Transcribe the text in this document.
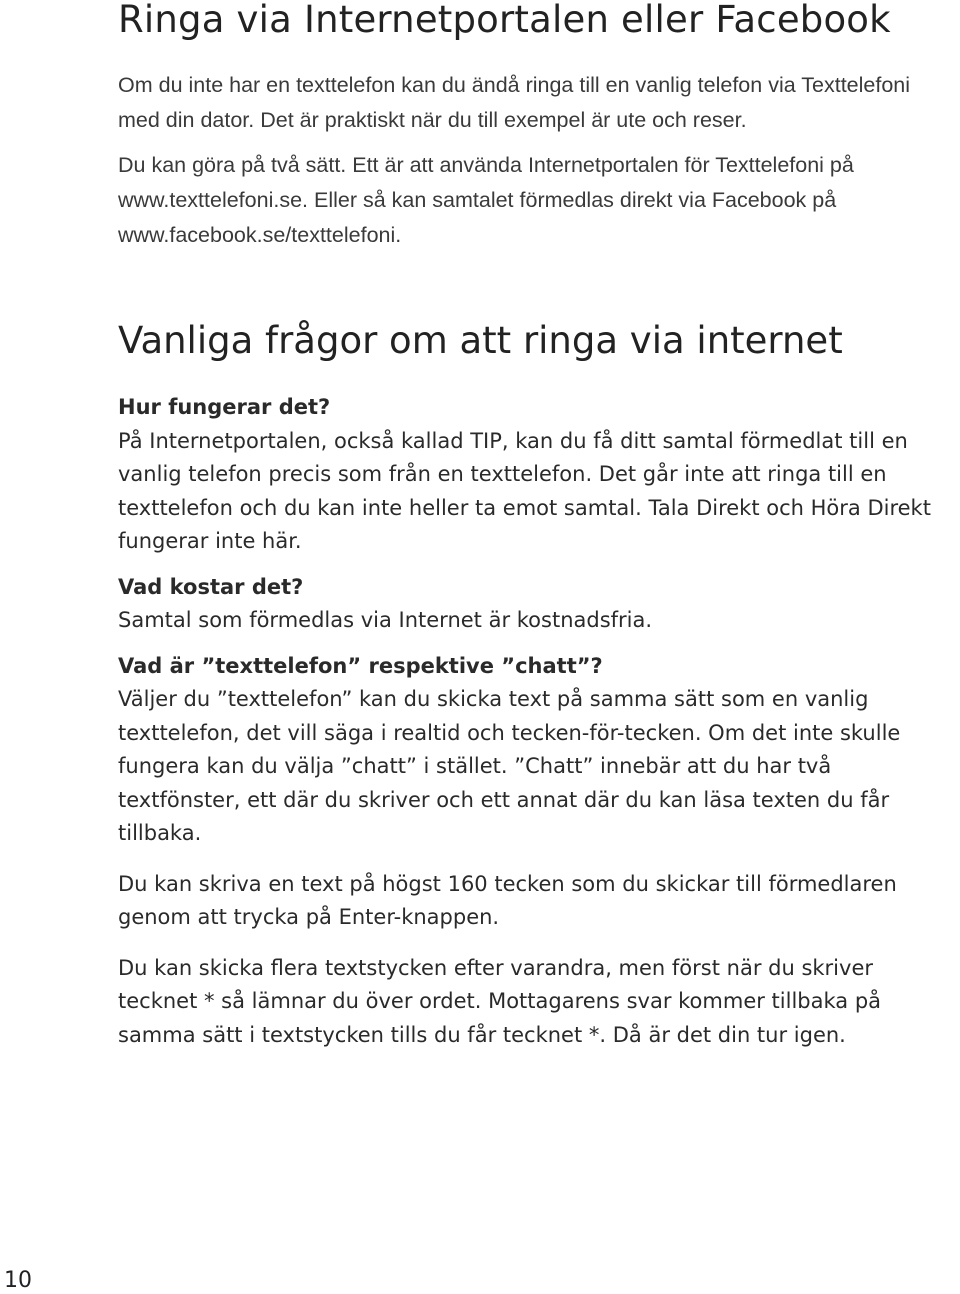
Ringa via Internetportalen eller Facebook

Om du inte har en texttelefon kan du ändå ringa till en vanlig telefon via Texttelefoni med din dator. Det är praktiskt när du till exempel är ute och reser.

Du kan göra på två sätt. Ett är att använda Internetportalen för Texttelefoni på www.texttelefoni.se. Eller så kan samtalet förmedlas direkt via Facebook på www.facebook.se/texttelefoni.

Vanliga frågor om att ringa via internet

Hur fungerar det?

På Internetportalen, också kallad TIP, kan du få ditt samtal förmedlat till en vanlig telefon precis som från en texttelefon. Det går inte att ringa till en texttelefon och du kan inte heller ta emot samtal. Tala Direkt och Höra Direkt fungerar inte här.

Vad kostar det?

Samtal som förmedlas via Internet är kostnadsfria.

Vad är ”texttelefon” respektive ”chatt”?

Väljer du ”texttelefon” kan du skicka text på samma sätt som en vanlig texttelefon, det vill säga i realtid och tecken-för-tecken. Om det inte skulle fungera kan du välja ”chatt” i stället. ”Chatt” innebär att du har två textfönster, ett där du skriver och ett annat där du kan läsa texten du får tillbaka.

Du kan skriva en text på högst 160 tecken som du skickar till förmedlaren genom att trycka på Enter-knappen.

Du kan skicka flera textstycken efter varandra, men först när du skriver tecknet * så lämnar du över ordet. Mottagarens svar kommer tillbaka på samma sätt i textstycken tills du får tecknet *. Då är det din tur igen.

10
